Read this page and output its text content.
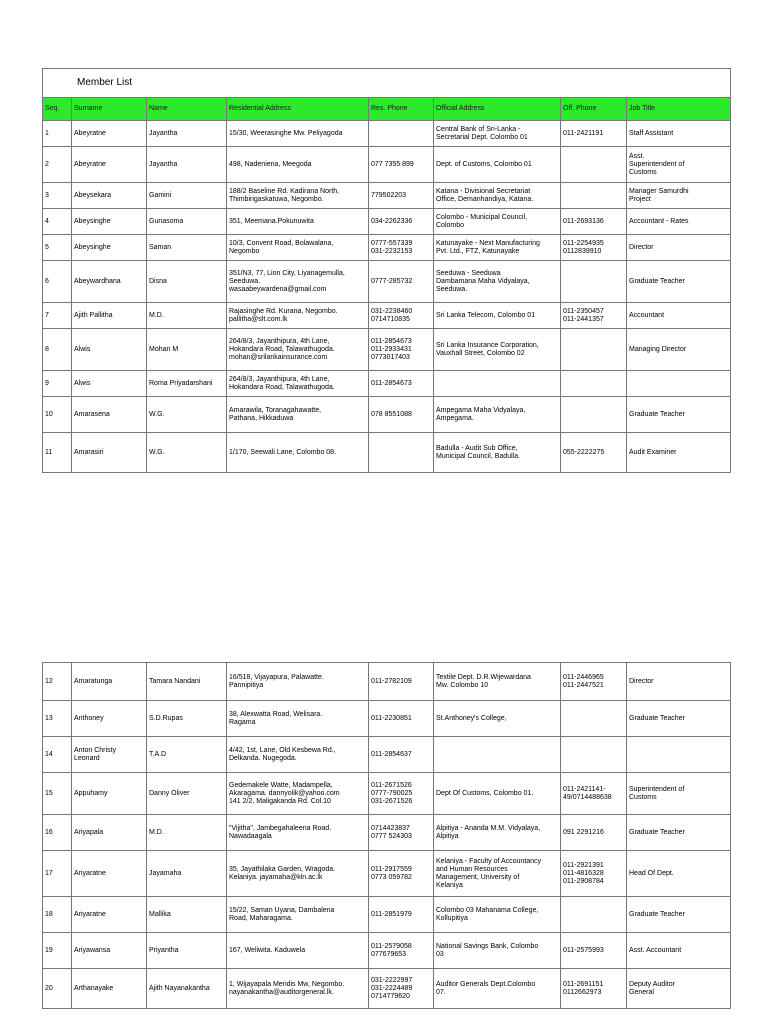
Member List							
Seq.	Surname	Name	Residential Address	Res. Phone	Official Address	Off. Phone	Job Title
1	Abeyratne	Jayantha	15/30, Weerasinghe Mw. Peliyagoda		Central Bank of Sri-Lanka -
Secretarial Dept. Colombo 01	011-2421191	Staff Assistant
2	Abeyratne	Jayantha	498, Nadeniena, Meegoda	077 7355 899	Dept. of Customs, Colombo 01		Asst.
Superintendent of
Customs
3	Abeysekara	Gamini	188/2 Baseline Rd. Kadirana North,
Thimbirigaskatuwa, Negombo.	779502203	Katana - Divisional Secretariat
Office, Demanhandiya, Katana.		Manager Samurdhi
Project
4	Abeysinghe	Gunasoma	351, Meemana.Pokunuwita	034-2262336	Colombo - Municipal Council,
Colombo	011-2693136	Accountant - Rates
5	Abeysinghe	Saman	10/3, Convent Road, Bolawalana,
Negombo	0777-557339
031-2232153	Katunayake - Next Manufacturing
Pvt. Ltd., FTZ, Katunayake	011-2254935
0112839910	Director
6	Abeywardhana	Disna	351/N3, 77, Lion City, Liyanagemulla,
Seeduwa.
wasaabeywardena@gmail.com	0777-285732	Seeduwa - Seeduwa
Dambamana Maha Vidyalaya,
Seeduwa.		Graduate Teacher
7	Ajith Pallitha	M.D.	Rajasinghe Rd. Kurana, Negombo.
pallitha@slt.com.lk	031-2238460
0714710835	Sri Lanka Telecom, Colombo 01	011-2350457
011-2441357	Accountant
8	Alwis	Mohan M	264/8/3, Jayanthipura, 4th Lane,
Hokandara Road, Talawathugoda.
mohan@srilankainsurance.com	011-2854673
011-2933431
0773017403	Sri Lanka Insurance Corporation,
Vauxhall Street, Colombo 02		Managing Director
9	Alwis	Roma Priyadarshani	264/8/3, Jayanthipura, 4th Lane,
Hokandara Road, Talawathugoda.	011-2854673			
10	Amarasena	W.G.	Amarawila, Toranagahawatte,
Pathana, Hikkaduwa	078 8551088	Ampegama Maha Vidyalaya,
Ampegama.		Graduate Teacher
11	Amarasiri	W.G.	1/170, Seewali Lane, Colombo 08.		Badulla - Audit Sub Office,
Municipal Council, Badulla.	055-2222275	Audit Examiner
12	Amaratunga	Tamara Nandani	16/518, Vijayapura, Palawatte.
Pannipitiya	011-2782109	Textile Dept. D.R.Wijewardana
Mw. Colombo 10	011-2446965
011-2447521	Director
13	Anthoney	S.D.Rupas	38, Alexwatta Road, Welisara.
Ragama	011-2230851	St.Anthoney's College,		Graduate Teacher
14	Anton Christy
Leonard	T.A.D	4/42, 1st, Lane, Old Kesbewa Rd.,
Delkanda. Nugegoda.	011-2854637			
15	Appuhamy	Danny Oliver	Gedemakele Watte, Madampella,
Akaragama. dannyolik@yahoo.com
141 2/2, Maligakanda Rd. Col.10	011-2671526
0777-790025
031-2671526	Dept Of Customs, Colombo 01.	011-2421141-
49/0714488638	Superintendent of
Customs
16	Ariyapala	M.D.	"Vijitha", Jambegahaleena Road.
Nawadaagala	0714423837
0777 524303	Alpitiya - Ananda M.M. Vidyalaya,
Alpitiya	091 2291216	Graduate Teacher
17	Ariyaratne	Jayamaha	35, Jayathilaka Garden, Wragoda.
Kelaniya. jayamaha@kln.ac.lk	011-2917559
0773 059782	Kelaniya - Faculty of Accountancy
and Human Resources
Management, University of
Kelaniya	011-2921391
011-4816328
011-2908784	Head Of Dept.
18	Ariyaratne	Mallika	15/22, Saman Uyana, Dambalena
Road, Maharagama.	011-2851979	Colombo 03 Mahanama College,
Kollupitiya		Graduate Teacher
19	Ariyawansa	Priyantha	167, Weliwita. Kaduwela	011-2579058
077679653	National Savings Bank, Colombo
03	011-2575993	Asst. Accountant
20	Arthanayake	Ajith Nayanakantha	1, Wijayapala Mendis Mw, Negombo.
nayanakantha@auditorgeneral.lk.	031-2222997
031-2224489
0714779620	Auditor Generals Dept.Colombo
07.	011-2691151
0112662973	Deputy Auditor
General
